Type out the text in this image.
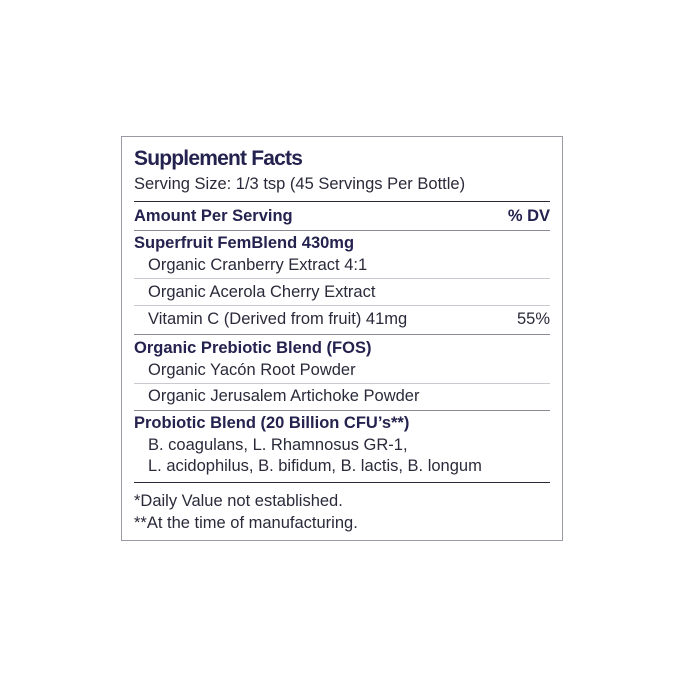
Supplement Facts
Serving Size: 1/3 tsp (45 Servings Per Bottle)
Amount Per Serving	% DV
Superfruit FemBlend 430mg
Organic Cranberry Extract 4:1
Organic Acerola Cherry Extract
Vitamin C (Derived from fruit) 41mg	55%
Organic Prebiotic Blend (FOS)
Organic Yacón Root Powder
Organic Jerusalem Artichoke Powder
Probiotic Blend (20 Billion CFU’s**)
B. coagulans, L. Rhamnosus GR-1,
L. acidophilus, B. bifidum, B. lactis, B. longum
*Daily Value not established.
**At the time of manufacturing.
